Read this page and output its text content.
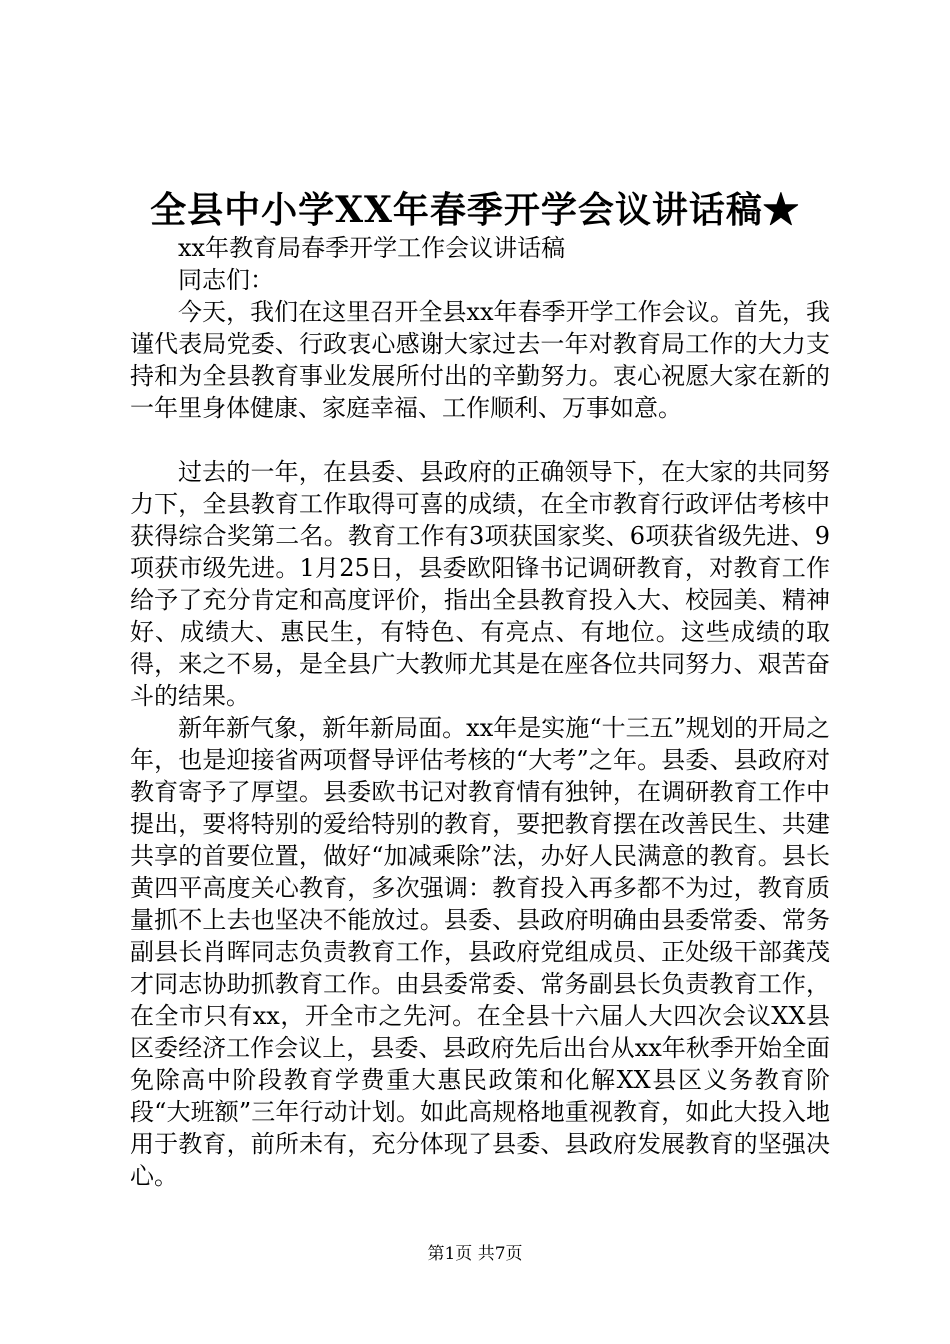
全县中小学XX年春季开学会议讲话稿★

xx年教育局春季开学工作会议讲话稿

同志们：

今天，我们在这里召开全县xx年春季开学工作会议。首先，我谨代表局党委、行政衷心感谢大家过去一年对教育局工作的大力支持和为全县教育事业发展所付出的辛勤努力。衷心祝愿大家在新的一年里身体健康、家庭幸福、工作顺利、万事如意。

过去的一年，在县委、县政府的正确领导下，在大家的共同努力下，全县教育工作取得可喜的成绩，在全市教育行政评估考核中获得综合奖第二名。教育工作有3项获国家奖、6项获省级先进、9项获市级先进。1月25日，县委欧阳锋书记调研教育，对教育工作给予了充分肯定和高度评价，指出全县教育投入大、校园美、精神好、成绩大、惠民生，有特色、有亮点、有地位。这些成绩的取得，来之不易，是全县广大教师尤其是在座各位共同努力、艰苦奋斗的结果。

新年新气象，新年新局面。xx年是实施“十三五”规划的开局之年，也是迎接省两项督导评估考核的“大考”之年。县委、县政府对教育寄予了厚望。县委欧书记对教育情有独钟，在调研教育工作中提出，要将特别的爱给特别的教育，要把教育摆在改善民生、共建共享的首要位置，做好“加减乘除”法，办好人民满意的教育。县长黄四平高度关心教育，多次强调：教育投入再多都不为过，教育质量抓不上去也坚决不能放过。县委、县政府明确由县委常委、常务副县长肖晖同志负责教育工作，县政府党组成员、正处级干部龚茂才同志协助抓教育工作。由县委常委、常务副县长负责教育工作，在全市只有xx，开全市之先河。在全县十六届人大四次会议XX县区委经济工作会议上，县委、县政府先后出台从xx年秋季开始全面免除高中阶段教育学费重大惠民政策和化解XX县区义务教育阶段“大班额”三年行动计划。如此高规格地重视教育，如此大投入地用于教育，前所未有，充分体现了县委、县政府发展教育的坚强决心。

第1页 共7页
